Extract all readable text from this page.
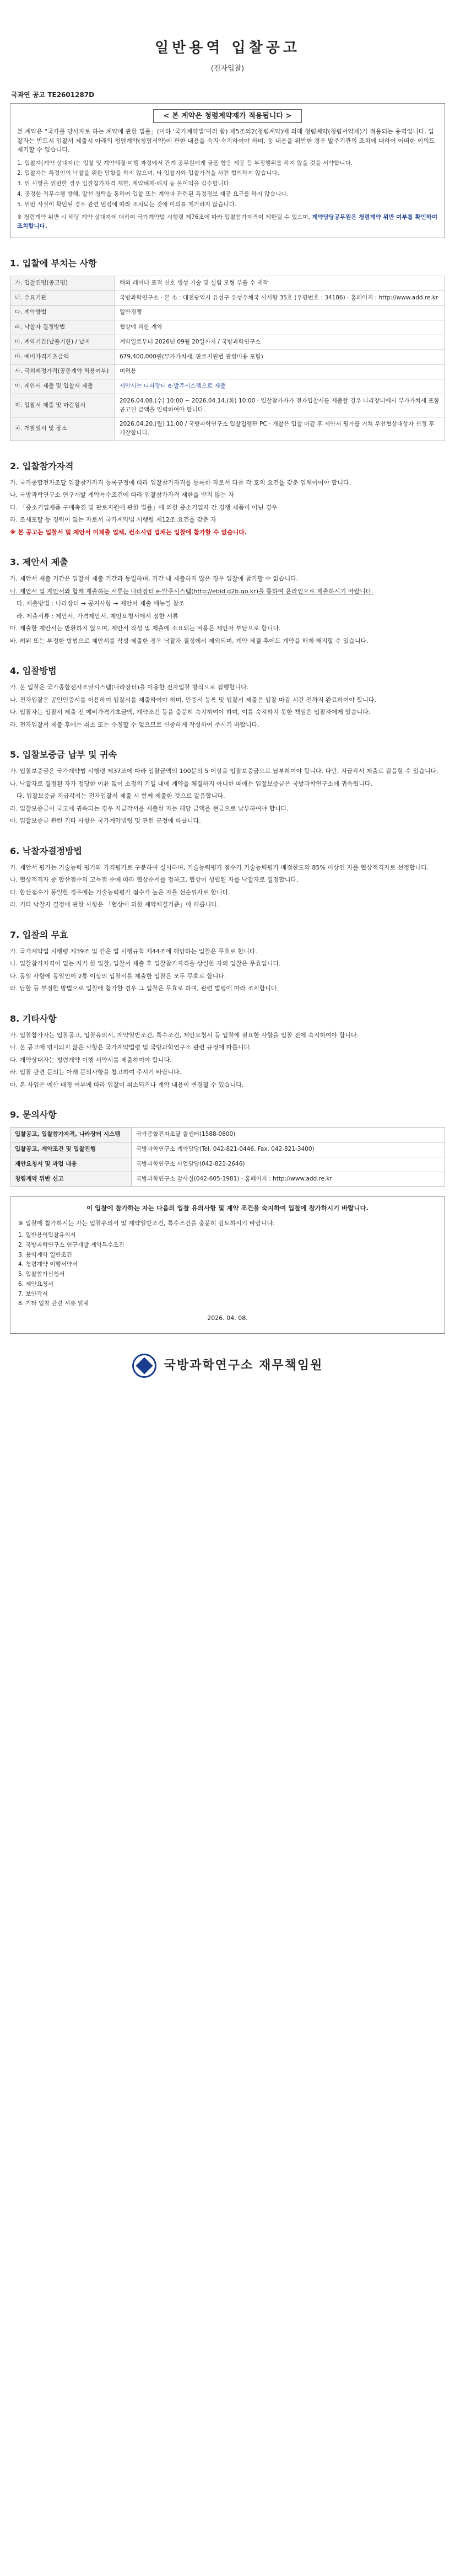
일반용역 입찰공고
(전자입찰)
국과연 공고 TE2601287D
< 본 계약은 청렴계약제가 적용됩니다 >

본 계약은 “국가를 당사자로 하는 계약에 관한 법률」(이하 ‘국가계약법’이라 함) 제5조의2(청렴계약)에 의해 청렴계약(청렴서약제)가 적용되는 용역입니다. 입찰자는 반드시 입찰서 제출시 아래의 청렴계약(청렴서약)에 관한 내용을 숙지·숙지하여야 하며, 동 내용을 위반한 경우 발주기관의 조치에 대하여 어떠한 이의도 제기할 수 없습니다.

1. 입찰자(계약 상대자)는 입찰 및 계약체결·이행 과정에서 관계 공무원에게 금품 향응 제공 등 부정행위를 하지 않을 것을 서약합니다.
2. 입찰자는 특정인의 낙찰을 위한 담합을 하지 않으며, 타 입찰자와 입찰가격을 사전 협의하지 않습니다.
3. 위 사항을 위반한 경우 입찰참가자격 제한, 계약해제·해지 등 불이익을 감수합니다.
4. 공정한 직무수행 방해, 알선 청탁을 통하여 입찰 또는 계약과 관련된 특정정보 제공 요구를 하지 않습니다.
5. 위반 사실이 확인될 경우 관련 법령에 따라 조치되는 것에 이의를 제기하지 않습니다.

※ 청렴계약 위반 시 해당 계약 상대자에 대하여 국가계약법 시행령 제76조에 따라 입찰참가자격이 제한될 수 있으며, 계약담당공무원은 청렴계약 위반 여부를 확인하여 조치합니다.

1. 입찰에 부치는 사항
가. 입찰건명(공고명)	해외 레이더 표적 신호 생성 기술 및 실험 모형 부품 수 제작
나. 수요기관	국방과학연구소 · 본 소 : 대전광역시 유성구 유성우체국 사서함 35호 (우편번호 : 34186) · 홈페이지 : http://www.add.re.kr
다. 계약방법	일반경쟁
라. 낙찰자 결정방법	협상에 의한 계약
마. 계약기간(납품기한) / 납지	계약일로부터 2026년 09월 20일까지 / 국방과학연구소
바. 예비가격기초금액	679,400,000원(부가가치세, 판로지원법 관련비용 포함)
사. 국외예정가격(공동계약 허용여부)	미허용
아. 제안서 제출 및 입찰서 제출	제안서는 나라장터 e-발주시스템으로 제출
자. 입찰서 제출 및 마감일시	2026.04.08.(수) 10:00 ~ 2026.04.14.(화) 10:00 · 입찰참가자가 전자입찰서를 제출할 경우 나라장터에서 부가가치세 포함 공고된 금액을 입력하여야 합니다.
차. 개찰일시 및 장소	2026.04.20.(월) 11:00 / 국방과학연구소 입찰집행관 PC · 개찰은 입찰 마감 후 제안서 평가를 거쳐 우선협상대상자 선정 후 개찰합니다.
2. 입찰참가자격

가. 국가종합전자조달 입찰참가자격 등록규정에 따라 입찰참가자격을 등록한 자로서 다음 각 호의 요건을 갖춘 업체이어야 합니다.

나. 국방과학연구소 연구개발 계약특수조건에 따라 입찰참가자격 제한을 받지 않는 자

다. 「중소기업제품 구매촉진 및 판로지원에 관한 법률」에 의한 중소기업자 간 경쟁 제품이 아닌 경우

라. 조세포탈 등 경력이 없는 자로서 국가계약법 시행령 제12조 요건을 갖춘 자

※ 본 공고는 입찰서 및 제안서 미제출 업체, 컨소시엄 업체는 입찰에 참가할 수 없습니다.

3. 제안서 제출

가. 제안서 제출 기간은 입찰서 제출 기간과 동일하며, 기간 내 제출하지 않은 경우 입찰에 참가할 수 없습니다.

나. 제안서 및 제안서와 함께 제출하는 서류는 나라장터 e-발주시스템(http://ebid.g2b.go.kr)을 통하여 온라인으로 제출하시기 바랍니다.

다. 제출방법 : 나라장터 → 공지사항 → 제안서 제출 매뉴얼 참조

라. 제출서류 : 제안서, 가격제안서, 제안요청서에서 정한 서류

마. 제출한 제안서는 반환하지 않으며, 제안서 작성 및 제출에 소요되는 비용은 제안자 부담으로 합니다.

바. 허위 또는 부정한 방법으로 제안서를 작성·제출한 경우 낙찰자 결정에서 제외되며, 계약 체결 후에도 계약을 해제·해지할 수 있습니다.

4. 입찰방법

가. 본 입찰은 국가종합전자조달시스템(나라장터)을 이용한 전자입찰 방식으로 집행합니다.

나. 전자입찰은 공인인증서를 이용하여 입찰서를 제출하여야 하며, 인증서 등록 및 입찰서 제출은 입찰 마감 시간 전까지 완료하여야 합니다.

다. 입찰자는 입찰서 제출 전 예비가격기초금액, 계약조건 등을 충분히 숙지하여야 하며, 이를 숙지하지 못한 책임은 입찰자에게 있습니다.

라. 전자입찰서 제출 후에는 취소 또는 수정할 수 없으므로 신중하게 작성하여 주시기 바랍니다.

5. 입찰보증금 납부 및 귀속

가. 입찰보증금은 국가계약법 시행령 제37조에 따라 입찰금액의 100분의 5 이상을 입찰보증금으로 납부하여야 합니다. 다만, 지급각서 제출로 갈음할 수 있습니다.

나. 낙찰자로 결정된 자가 정당한 이유 없이 소정의 기일 내에 계약을 체결하지 아니한 때에는 입찰보증금은 국방과학연구소에 귀속됩니다.

다. 입찰보증금 지급각서는 전자입찰서 제출 시 함께 제출한 것으로 갈음합니다.

라. 입찰보증금이 국고에 귀속되는 경우 지급각서를 제출한 자는 해당 금액을 현금으로 납부하여야 합니다.

마. 입찰보증금 관련 기타 사항은 국가계약법령 및 관련 규정에 따릅니다.

6. 낙찰자결정방법

가. 제안서 평가는 기술능력 평가와 가격평가로 구분하여 실시하며, 기술능력평가 점수가 기술능력평가 배점한도의 85% 이상인 자를 협상적격자로 선정합니다.

나. 협상적격자 중 합산점수의 고득점 순에 따라 협상순서를 정하고, 협상이 성립된 자를 낙찰자로 결정합니다.

다. 합산점수가 동일한 경우에는 기술능력평가 점수가 높은 자를 선순위자로 합니다.

라. 기타 낙찰자 결정에 관한 사항은 「협상에 의한 계약체결기준」에 따릅니다.

7. 입찰의 무효

가. 국가계약법 시행령 제39조 및 같은 법 시행규칙 제44조에 해당하는 입찰은 무효로 합니다.

나. 입찰참가자격이 없는 자가 한 입찰, 입찰서 제출 후 입찰참가자격을 상실한 자의 입찰은 무효입니다.

다. 동일 사항에 동일인이 2통 이상의 입찰서를 제출한 입찰은 모두 무효로 합니다.

라. 담합 등 부정한 방법으로 입찰에 참가한 경우 그 입찰은 무효로 하며, 관련 법령에 따라 조치합니다.

8. 기타사항

가. 입찰참가자는 입찰공고, 입찰유의서, 계약일반조건, 특수조건, 제안요청서 등 입찰에 필요한 사항을 입찰 전에 숙지하여야 합니다.

나. 본 공고에 명시되지 않은 사항은 국가계약법령 및 국방과학연구소 관련 규정에 따릅니다.

다. 계약상대자는 청렴계약 이행 서약서를 제출하여야 합니다.

라. 입찰 관련 문의는 아래 문의사항을 참고하여 주시기 바랍니다.

마. 본 사업은 예산 배정 여부에 따라 입찰이 취소되거나 계약 내용이 변경될 수 있습니다.

9. 문의사항
입찰공고, 입찰참가자격, 나라장터 시스템	국가종합전자조달 콜센터(1588-0800)
입찰공고, 계약조건 및 입찰진행	국방과학연구소 계약담당(Tel. 042-821-0446, Fax. 042-821-3400)
제안요청서 및 과업 내용	국방과학연구소 사업담당(042-821-2646)
청렴계약 위반 신고	국방과학연구소 감사실(042-605-1981) · 홈페이지 : http://www.add.re.kr
이 입찰에 참가하는 자는 다음의 입찰 유의사항 및 계약 조건을 숙지하여 입찰에 참가하시기 바랍니다.

※ 입찰에 참가하시는 자는 입찰유의서 및 계약일반조건, 특수조건을 충분히 검토하시기 바랍니다.

1. 일반용역입찰유의서
2. 국방과학연구소 연구개발 계약특수조건
3. 용역계약 일반조건
4. 청렴계약 이행서약서
5. 입찰참가신청서
6. 제안요청서
7. 보안각서
8. 기타 입찰 관련 서류 일체

2026. 04. 08.

국방과학연구소 재무책임원
